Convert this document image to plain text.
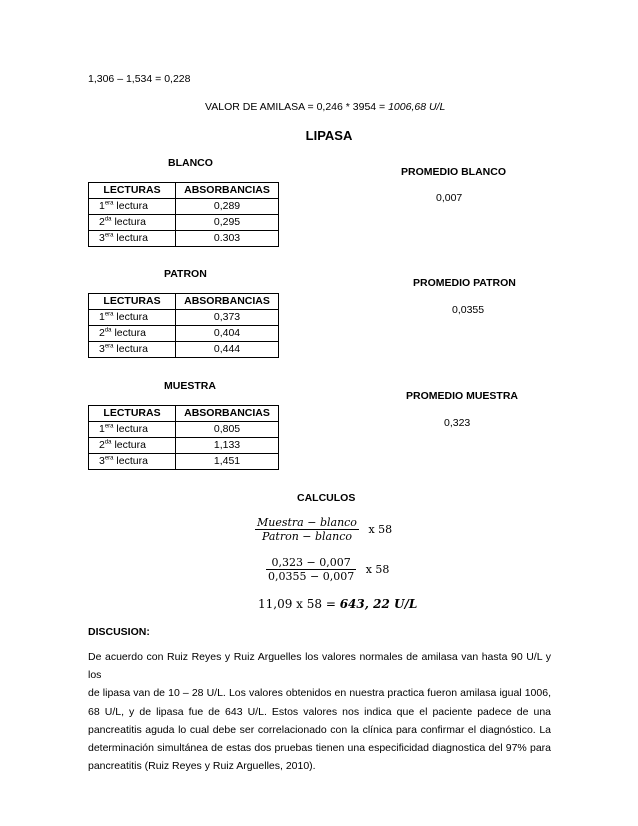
1,306 – 1,534 = 0,228
VALOR DE AMILASA = 0,246 * 3954 = 1006,68 U/L
LIPASA
BLANCO
LECTURAS	ABSORBANCIAS
$1^{era}$ lectura	0,289
$2^{da}$ lectura	0,295
$3^{era}$ lectura	0.303
PROMEDIO BLANCO
0,007
PATRON
LECTURAS	ABSORBANCIAS
$1^{era}$ lectura	0,373
$2^{da}$ lectura	0,404
$3^{era}$ lectura	0,444
PROMEDIO PATRON
0,0355
MUESTRA
LECTURAS	ABSORBANCIAS
$1^{era}$ lectura	0,805
$2^{da}$ lectura	1,133
$3^{era}$ lectura	1,451
PROMEDIO MUESTRA
0,323
CALCULOS
$\frac{\text{Muestra − blanco}}{\text{Patron − blanco}}$ x 58
$\frac{0,323 - 0,007}{0,0355 - 0,007}$ x 58
11,09 x 58 = 643, 22 U/L
DISCUSION:
De acuerdo con Ruiz Reyes y Ruiz Arguelles los valores normales de amilasa van hasta 90 U/L y los
de lipasa van de 10 – 28 U/L. Los valores obtenidos en nuestra practica fueron amilasa igual 1006,
68 U/L, y de lipasa fue de 643 U/L. Estos valores nos indica que el paciente padece de una
pancreatitis aguda lo cual debe ser correlacionado con la clínica para confirmar el diagnóstico. La
determinación simultánea de estas dos pruebas tienen una especificidad diagnostica del 97% para
pancreatitis (Ruiz Reyes y Ruiz Arguelles, 2010).
